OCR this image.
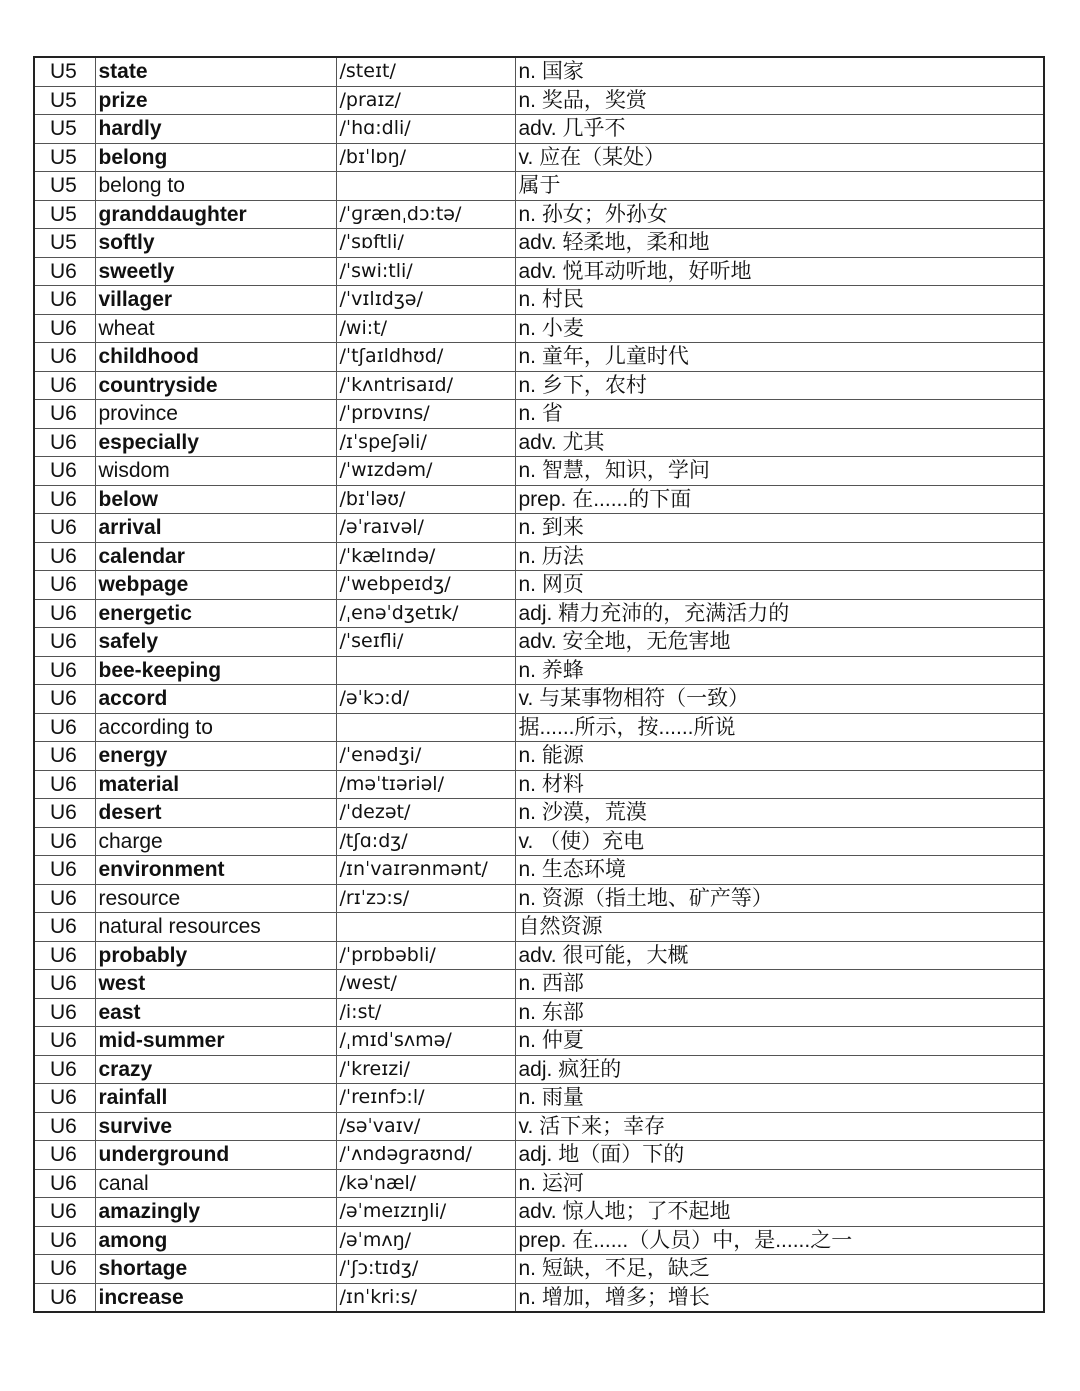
U5	state	/steɪt/	n. 国家
U5	prize	/praɪz/	n. 奖品，奖赏
U5	hardly	/ˈhɑ:dli/	adv. 几乎不
U5	belong	/bɪˈlɒŋ/	v. 应在（某处）
U5	belong to		属于
U5	granddaughter	/ˈɡrænˌdɔ:tə/	n. 孙女；外孙女
U5	softly	/ˈsɒftli/	adv. 轻柔地，柔和地
U6	sweetly	/ˈswi:tli/	adv. 悦耳动听地，好听地
U6	villager	/ˈvɪlɪdʒə/	n. 村民
U6	wheat	/wi:t/	n. 小麦
U6	childhood	/ˈtʃaɪldhʊd/	n. 童年，儿童时代
U6	countryside	/ˈkʌntrisaɪd/	n. 乡下，农村
U6	province	/ˈprɒvɪns/	n. 省
U6	especially	/ɪˈspeʃəli/	adv. 尤其
U6	wisdom	/ˈwɪzdəm/	n. 智慧，知识，学问
U6	below	/bɪˈləʊ/	prep. 在......的下面
U6	arrival	/əˈraɪvəl/	n. 到来
U6	calendar	/ˈkælɪndə/	n. 历法
U6	webpage	/ˈwebpeɪdʒ/	n. 网页
U6	energetic	/ˌenəˈdʒetɪk/	adj. 精力充沛的，充满活力的
U6	safely	/ˈseɪfli/	adv. 安全地，无危害地
U6	bee-keeping		n. 养蜂
U6	accord	/əˈkɔ:d/	v. 与某事物相符（一致）
U6	according to		据......所示，按......所说
U6	energy	/ˈenədʒi/	n. 能源
U6	material	/məˈtɪəriəl/	n. 材料
U6	desert	/ˈdezət/	n. 沙漠，荒漠
U6	charge	/tʃɑ:dʒ/	v. （使）充电
U6	environment	/ɪnˈvaɪrənmənt/	n. 生态环境
U6	resource	/rɪˈzɔ:s/	n. 资源（指土地、矿产等）
U6	natural resources		自然资源
U6	probably	/ˈprɒbəbli/	adv. 很可能，大概
U6	west	/west/	n. 西部
U6	east	/i:st/	n. 东部
U6	mid-summer	/ˌmɪdˈsʌmə/	n. 仲夏
U6	crazy	/ˈkreɪzi/	adj. 疯狂的
U6	rainfall	/ˈreɪnfɔ:l/	n. 雨量
U6	survive	/səˈvaɪv/	v. 活下来；幸存
U6	underground	/ˈʌndəɡraʊnd/	adj. 地（面）下的
U6	canal	/kəˈnæl/	n. 运河
U6	amazingly	/əˈmeɪzɪŋli/	adv. 惊人地；了不起地
U6	among	/əˈmʌŋ/	prep. 在......（人员）中，是......之一
U6	shortage	/ˈʃɔ:tɪdʒ/	n. 短缺，不足，缺乏
U6	increase	/ɪnˈkri:s/	n. 增加，增多；增长
